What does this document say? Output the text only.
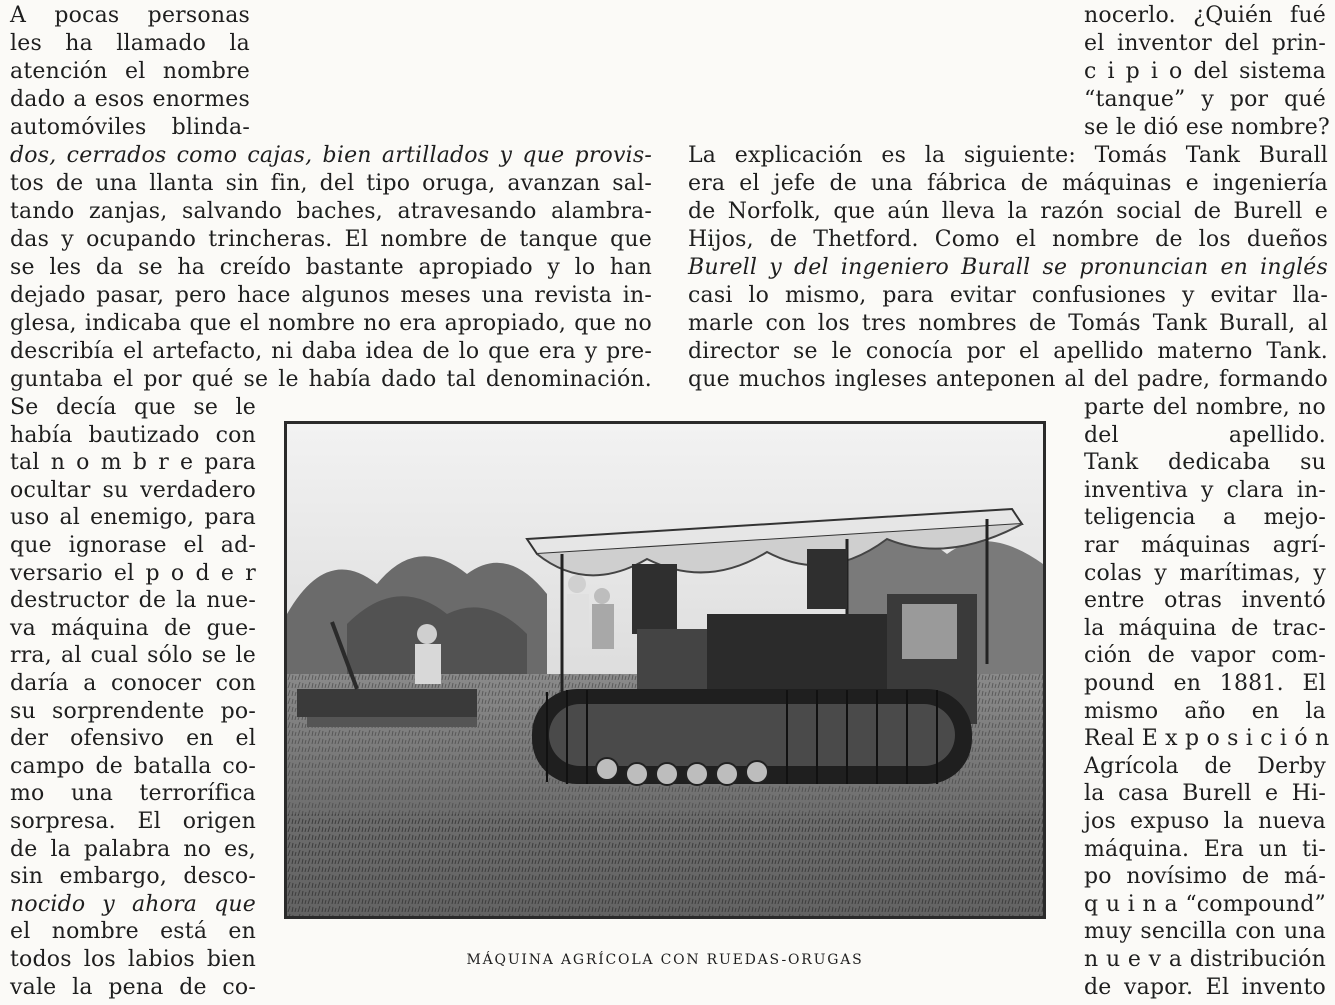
A pocas personas
les ha llamado la
atención el nombre
dado a esos enormes
automóviles blinda-
dos, cerrados como cajas, bien artillados y que provis-
tos de una llanta sin fin, del tipo oruga, avanzan sal-
tando zanjas, salvando baches, atravesando alambra-
das y ocupando trincheras. El nombre de tanque que
se les da se ha creído bastante apropiado y lo han
dejado pasar, pero hace algunos meses una revista in-
glesa, indicaba que el nombre no era apropiado, que no
describía el artefacto, ni daba idea de lo que era y pre-
guntaba el por qué se le había dado tal denominación.
Se decía que se le
había bautizado con
tal n o m b r e para
ocultar su verdadero
uso al enemigo, para
que ignorase el ad-
versario el p o d e r
destructor de la nue-
va máquina de gue-
rra, al cual sólo se le
daría a conocer con
su sorprendente po-
der ofensivo en el
campo de batalla co-
mo una terrorífica
sorpresa. El origen
de la palabra no es,
sin embargo, desco-
nocido y ahora que
el nombre está en
todos los labios bien
vale la pena de co-
nocerlo. ¿Quién fué
el inventor del prin-
c i p i o del sistema
“tanque” y por qué
se le dió ese nombre?
La explicación es la siguiente: Tomás Tank Burall
era el jefe de una fábrica de máquinas e ingeniería
de Norfolk, que aún lleva la razón social de Burell e
Hijos, de Thetford. Como el nombre de los dueños
Burell y del ingeniero Burall se pronuncian en inglés
casi lo mismo, para evitar confusiones y evitar lla-
marle con los tres nombres de Tomás Tank Burall, al
director se le conocía por el apellido materno Tank.
que muchos ingleses anteponen al del padre, formando
parte del nombre, no
del apellido.
Tank dedicaba su
inventiva y clara in-
teligencia a mejo-
rar máquinas agrí-
colas y marítimas, y
entre otras inventó
la máquina de trac-
ción de vapor com-
pound en 1881. El
mismo año en la
Real E x p o s i c i ó n
Agrícola de Derby
la casa Burell e Hi-
jos expuso la nueva
máquina. Era un ti-
po novísimo de má-
q u i n a “compound”
muy sencilla con una
n u e v a distribución
de vapor. El invento
MÁQUINA AGRÍCOLA CON RUEDAS-ORUGAS
